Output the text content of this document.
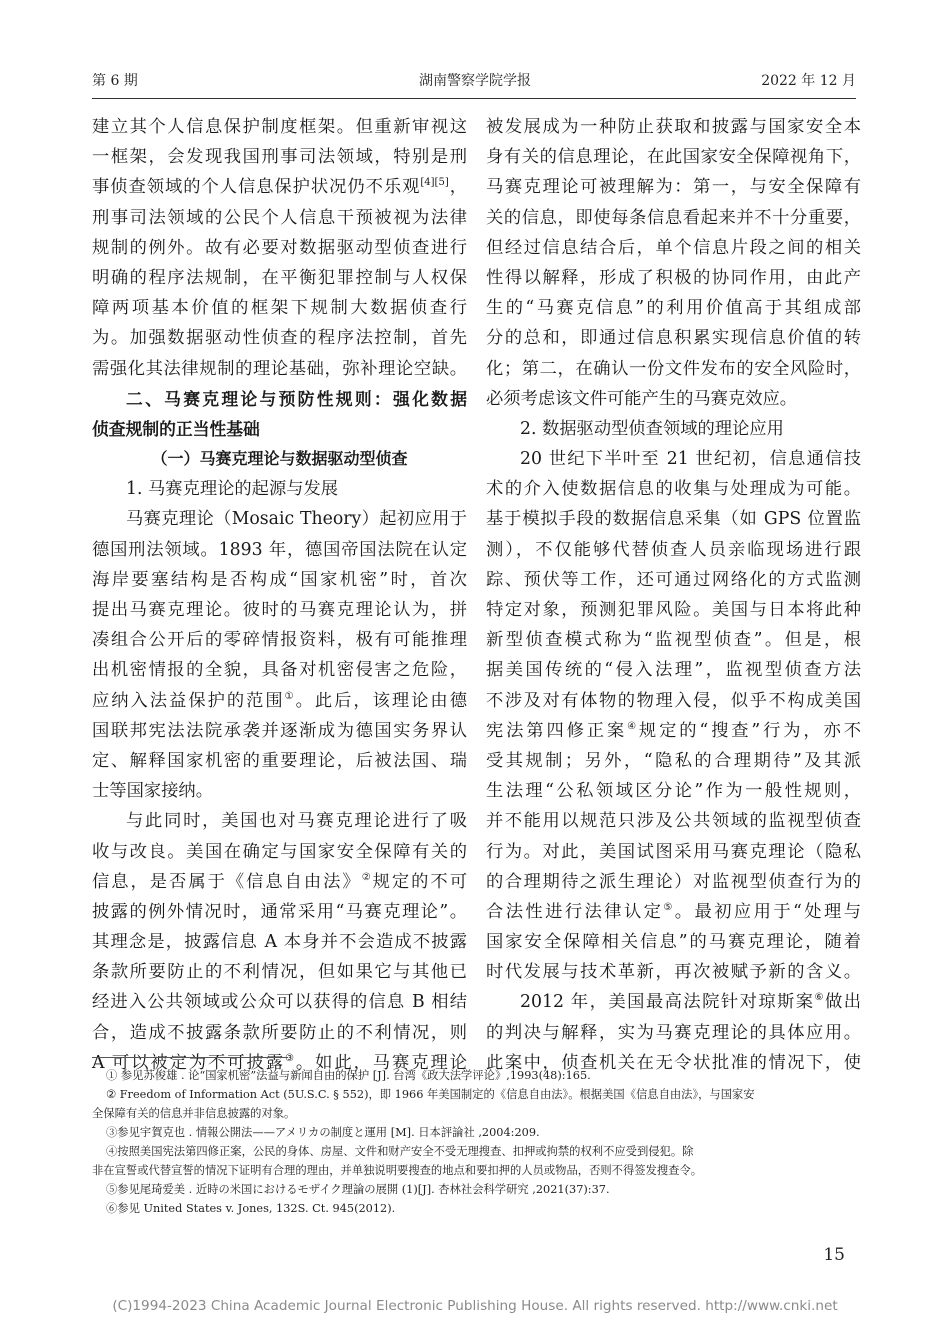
第 6 期	湖南警察学院学报	2022 年 12 月
建立其个人信息保护制度框架。但重新审视这
一框架，会发现我国刑事司法领域，特别是刑
事侦查领域的个人信息保护状况仍不乐观[4][5]，
刑事司法领域的公民个人信息干预被视为法律
规制的例外。故有必要对数据驱动型侦查进行
明确的程序法规制，在平衡犯罪控制与人权保
障两项基本价值的框架下规制大数据侦查行
为。加强数据驱动性侦查的程序法控制，首先
需强化其法律规制的理论基础，弥补理论空缺。
二、马赛克理论与预防性规则：强化数据
侦查规制的正当性基础
（一）马赛克理论与数据驱动型侦查
1. 马赛克理论的起源与发展
马赛克理论（Mosaic Theory）起初应用于
德国刑法领域。1893 年，德国帝国法院在认定
海岸要塞结构是否构成“国家机密”时，首次
提出马赛克理论。彼时的马赛克理论认为，拼
凑组合公开后的零碎情报资料，极有可能推理
出机密情报的全貌，具备对机密侵害之危险，
应纳入法益保护的范围①。此后，该理论由德
国联邦宪法法院承袭并逐渐成为德国实务界认
定、解释国家机密的重要理论，后被法国、瑞
士等国家接纳。
与此同时，美国也对马赛克理论进行了吸
收与改良。美国在确定与国家安全保障有关的
信息，是否属于《信息自由法》②规定的不可
披露的例外情况时，通常采用“马赛克理论”。
其理念是，披露信息 A 本身并不会造成不披露
条款所要防止的不利情况，但如果它与其他已
经进入公共领域或公众可以获得的信息 B 相结
合，造成不披露条款所要防止的不利情况，则
A 可以被定为不可披露③。如此，马赛克理论
被发展成为一种防止获取和披露与国家安全本
身有关的信息理论，在此国家安全保障视角下，
马赛克理论可被理解为：第一，与安全保障有
关的信息，即使每条信息看起来并不十分重要，
但经过信息结合后，单个信息片段之间的相关
性得以解释，形成了积极的协同作用，由此产
生的“马赛克信息”的利用价值高于其组成部
分的总和，即通过信息积累实现信息价值的转
化；第二，在确认一份文件发布的安全风险时，
必须考虑该文件可能产生的马赛克效应。
2. 数据驱动型侦查领域的理论应用
20 世纪下半叶至 21 世纪初，信息通信技
术的介入使数据信息的收集与处理成为可能。
基于模拟手段的数据信息采集（如 GPS 位置监
测），不仅能够代替侦查人员亲临现场进行跟
踪、预伏等工作，还可通过网络化的方式监测
特定对象，预测犯罪风险。美国与日本将此种
新型侦查模式称为“监视型侦查”。但是，根
据美国传统的“侵入法理”，监视型侦查方法
不涉及对有体物的物理入侵，似乎不构成美国
宪法第四修正案④规定的“搜查”行为，亦不
受其规制；另外，“隐私的合理期待”及其派
生法理“公私领域区分论”作为一般性规则，
并不能用以规范只涉及公共领域的监视型侦查
行为。对此，美国试图采用马赛克理论（隐私
的合理期待之派生理论）对监视型侦查行为的
合法性进行法律认定⑤。最初应用于“处理与
国家安全保障相关信息”的马赛克理论，随着
时代发展与技术革新，再次被赋予新的含义。
2012 年，美国最高法院针对琼斯案⑥做出
的判决与解释，实为马赛克理论的具体应用。
此案中，侦查机关在无令状批准的情况下，使
① 参见苏俊雄 . 论“国家机密”法益与新闻自由的保护 [J]. 台湾《政大法学评论》,1993(48):165.
② Freedom of Information Act (5U.S.C. § 552)，即 1966 年美国制定的《信息自由法》。根据美国《信息自由法》，与国家安
全保障有关的信息并非信息披露的对象。
③参见宇賀克也 . 情報公開法——アメリカの制度と運用 [M]. 日本評論社 ,2004:209.
④按照美国宪法第四修正案，公民的身体、房屋、文件和财产安全不受无理搜查、扣押或拘禁的权利不应受到侵犯。除
非在宣誓或代替宣誓的情况下证明有合理的理由，并单独说明要搜查的地点和要扣押的人员或物品，否则不得签发搜查令。
⑤参见尾琦爱美 . 近時の米国におけるモザイク理論の展開 (1)[J]. 杏林社会科学研究 ,2021(37):37.
⑥参见 United States v. Jones, 132S. Ct. 945(2012).
15
(C)1994-2023 China Academic Journal Electronic Publishing House. All rights reserved. http://www.cnki.net
